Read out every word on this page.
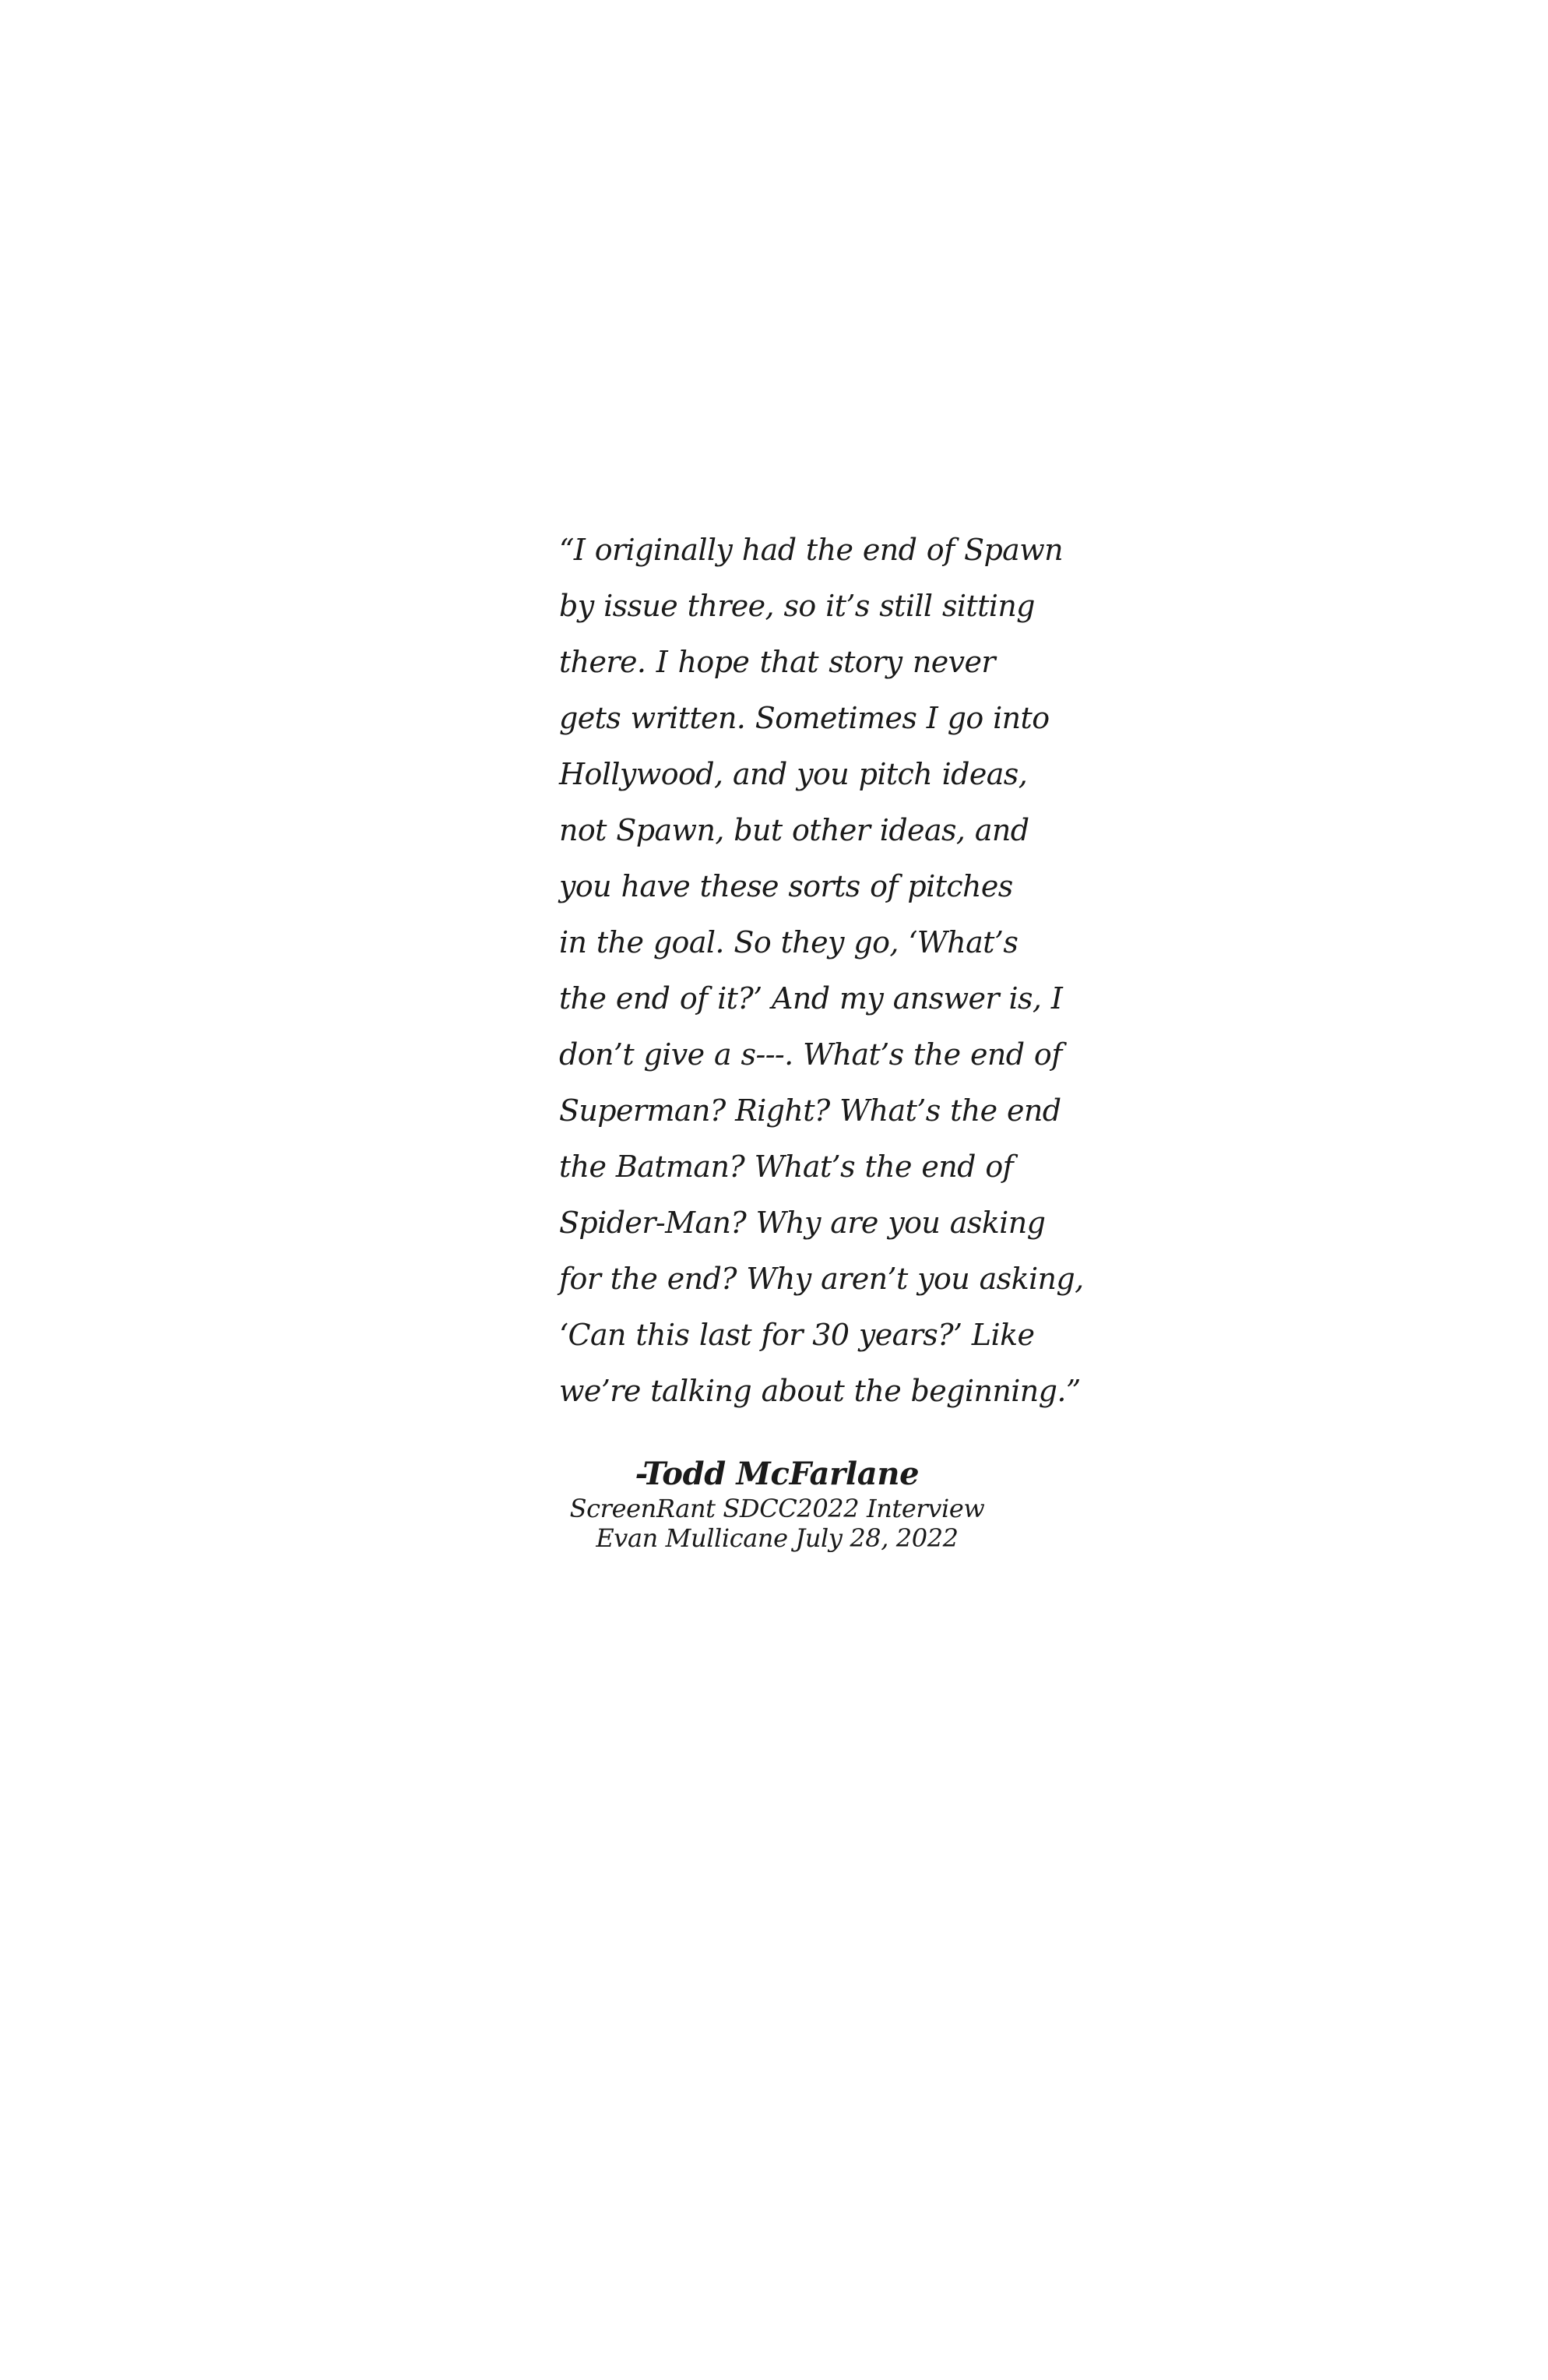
“I originally had the end of Spawn
by issue three, so it’s still sitting
there. I hope that story never
gets written. Sometimes I go into
Hollywood, and you pitch ideas,
not Spawn, but other ideas, and
you have these sorts of pitches
in the goal. So they go, ‘What’s
the end of it?’ And my answer is, I
don’t give a s---. What’s the end of
Superman? Right? What’s the end
the Batman? What’s the end of
Spider-Man? Why are you asking
for the end? Why aren’t you asking,
‘Can this last for 30 years?’ Like
we’re talking about the beginning.”
-Todd McFarlane
ScreenRant SDCC2022 Interview
Evan Mullicane July 28, 2022
